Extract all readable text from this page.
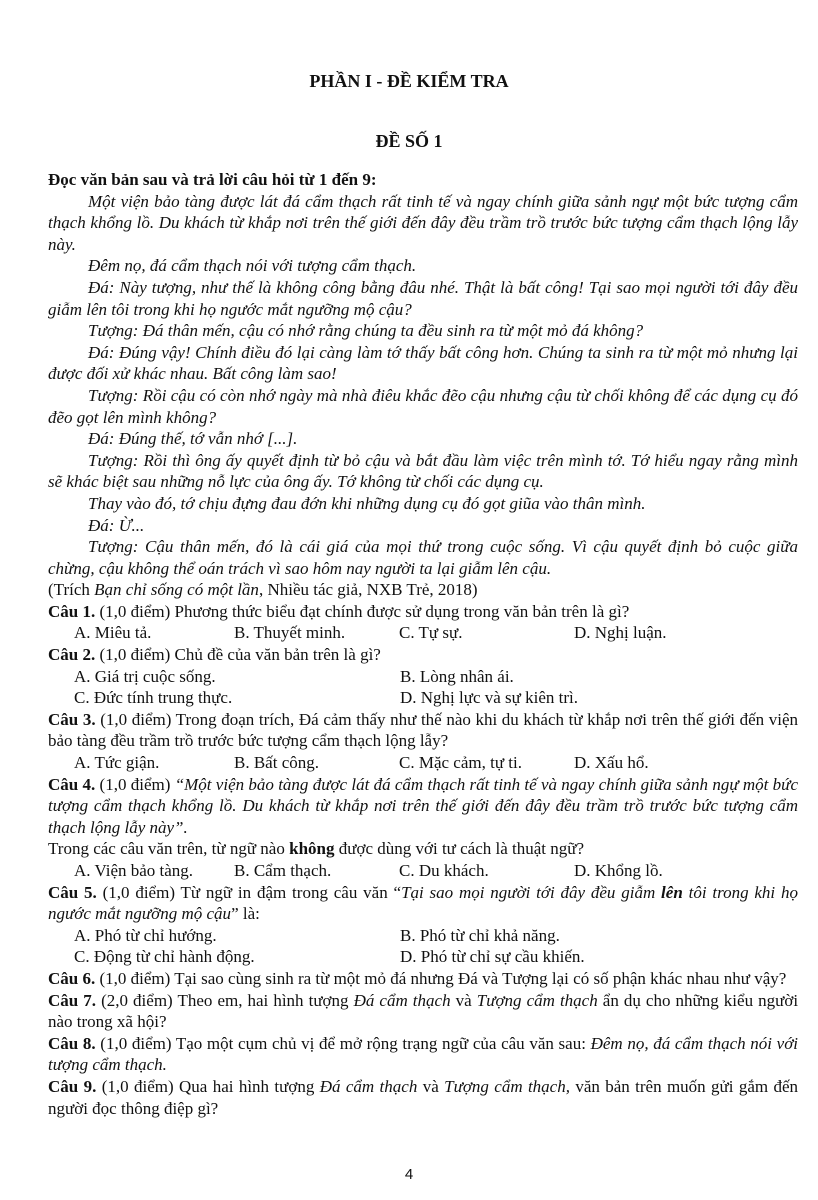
PHẦN I - ĐỀ KIỂM TRA
ĐỀ SỐ 1

Đọc văn bản sau và trả lời câu hỏi từ 1 đến 9:

Một viện bảo tàng được lát đá cẩm thạch rất tinh tế và ngay chính giữa sảnh ngự một bức tượng cẩm thạch khổng lồ. Du khách từ khắp nơi trên thế giới đến đây đều trầm trồ trước bức tượng cẩm thạch lộng lẫy này.

Đêm nọ, đá cẩm thạch nói với tượng cẩm thạch.

Đá: Này tượng, như thế là không công bằng đâu nhé. Thật là bất công! Tại sao mọi người tới đây đều giẫm lên tôi trong khi họ ngước mắt ngưỡng mộ cậu?

Tượng: Đá thân mến, cậu có nhớ rằng chúng ta đều sinh ra từ một mỏ đá không?

Đá: Đúng vậy! Chính điều đó lại càng làm tớ thấy bất công hơn. Chúng ta sinh ra từ một mỏ nhưng lại được đối xử khác nhau. Bất công làm sao!

Tượng: Rồi cậu có còn nhớ ngày mà nhà điêu khắc đẽo cậu nhưng cậu từ chối không để các dụng cụ đó đẽo gọt lên mình không?

Đá: Đúng thế, tớ vẫn nhớ [...].

Tượng: Rồi thì ông ấy quyết định từ bỏ cậu và bắt đầu làm việc trên mình tớ. Tớ hiểu ngay rằng mình sẽ khác biệt sau những nỗ lực của ông ấy. Tớ không từ chối các dụng cụ.

Thay vào đó, tớ chịu đựng đau đớn khi những dụng cụ đó gọt giũa vào thân mình.

Đá: Ừ...

Tượng: Cậu thân mến, đó là cái giá của mọi thứ trong cuộc sống. Vì cậu quyết định bỏ cuộc giữa chừng, cậu không thể oán trách vì sao hôm nay người ta lại giẫm lên cậu.

(Trích Bạn chỉ sống có một lần, Nhiều tác giả, NXB Trẻ, 2018)

Câu 1. (1,0 điểm) Phương thức biểu đạt chính được sử dụng trong văn bản trên là gì?

A. Miêu tả.	B. Thuyết minh.	C. Tự sự.	D. Nghị luận.

Câu 2. (1,0 điểm) Chủ đề của văn bản trên là gì?

A. Giá trị cuộc sống.	B. Lòng nhân ái.
C. Đức tính trung thực.	D. Nghị lực và sự kiên trì.

Câu 3. (1,0 điểm) Trong đoạn trích, Đá cảm thấy như thế nào khi du khách từ khắp nơi trên thế giới đến viện bảo tàng đều trầm trồ trước bức tượng cẩm thạch lộng lẫy?

A. Tức giận.	B. Bất công.	C. Mặc cảm, tự ti.	D. Xấu hổ.

Câu 4. (1,0 điểm) “Một viện bảo tàng được lát đá cẩm thạch rất tinh tế và ngay chính giữa sảnh ngự một bức tượng cẩm thạch khổng lồ. Du khách từ khắp nơi trên thế giới đến đây đều trầm trồ trước bức tượng cẩm thạch lộng lẫy này”.

Trong các câu văn trên, từ ngữ nào không được dùng với tư cách là thuật ngữ?

A. Viện bảo tàng.	B. Cẩm thạch.	C. Du khách.	D. Khổng lồ.

Câu 5. (1,0 điểm) Từ ngữ in đậm trong câu văn “Tại sao mọi người tới đây đều giẫm lên tôi trong khi họ ngước mắt ngưỡng mộ cậu” là:

A. Phó từ chỉ hướng.	B. Phó từ chỉ khả năng.
C. Động từ chỉ hành động.	D. Phó từ chỉ sự cầu khiến.

Câu 6. (1,0 điểm) Tại sao cùng sinh ra từ một mỏ đá nhưng Đá và Tượng lại có số phận khác nhau như vậy?

Câu 7. (2,0 điểm) Theo em, hai hình tượng Đá cẩm thạch và Tượng cẩm thạch ẩn dụ cho những kiểu người nào trong xã hội?

Câu 8. (1,0 điểm) Tạo một cụm chủ vị để mở rộng trạng ngữ của câu văn sau: Đêm nọ, đá cẩm thạch nói với tượng cẩm thạch.

Câu 9. (1,0 điểm) Qua hai hình tượng Đá cẩm thạch và Tượng cẩm thạch, văn bản trên muốn gửi gắm đến người đọc thông điệp gì?

4
